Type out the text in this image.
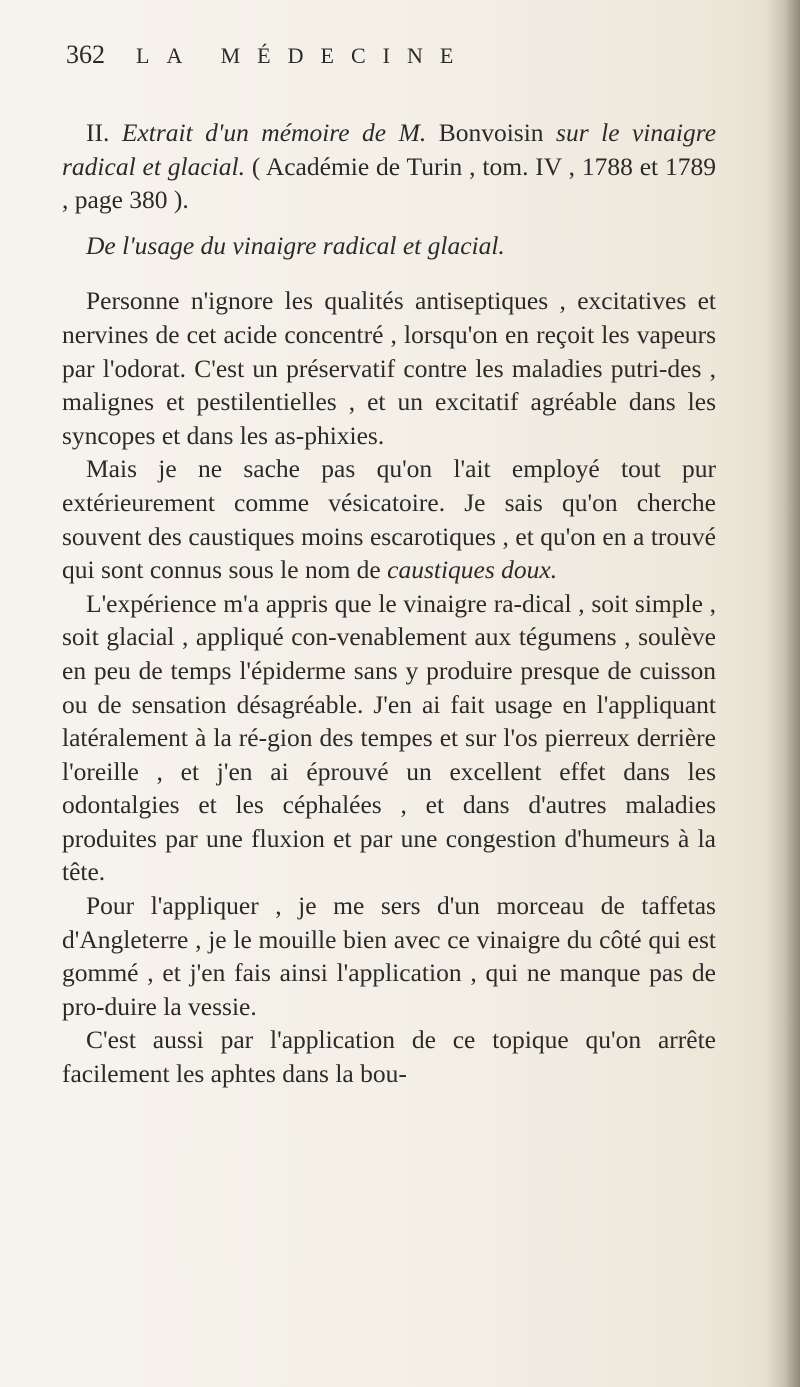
362	LA MÉDECINE

II. Extrait d'un mémoire de M. Bonvoisin sur le vinaigre radical et glacial. ( Académie de Turin , tom. IV , 1788 et 1789 , page 380 ).

De l'usage du vinaigre radical et glacial.

Personne n'ignore les qualités antiseptiques , excitatives et nervines de cet acide concentré , lorsqu'on en reçoit les vapeurs par l'odorat. C'est un préservatif contre les maladies putri-des , malignes et pestilentielles , et un excitatif agréable dans les syncopes et dans les as-phixies.

Mais je ne sache pas qu'on l'ait employé tout pur extérieurement comme vésicatoire. Je sais qu'on cherche souvent des caustiques moins escarotiques , et qu'on en a trouvé qui sont connus sous le nom de caustiques doux.

L'expérience m'a appris que le vinaigre ra-dical , soit simple , soit glacial , appliqué con-venablement aux tégumens , soulève en peu de temps l'épiderme sans y produire presque de cuisson ou de sensation désagréable. J'en ai fait usage en l'appliquant latéralement à la ré-gion des tempes et sur l'os pierreux derrière l'oreille , et j'en ai éprouvé un excellent effet dans les odontalgies et les céphalées , et dans d'autres maladies produites par une fluxion et par une congestion d'humeurs à la tête.

Pour l'appliquer , je me sers d'un morceau de taffetas d'Angleterre , je le mouille bien avec ce vinaigre du côté qui est gommé , et j'en fais ainsi l'application , qui ne manque pas de pro-duire la vessie.

C'est aussi par l'application de ce topique qu'on arrête facilement les aphtes dans la bou-
